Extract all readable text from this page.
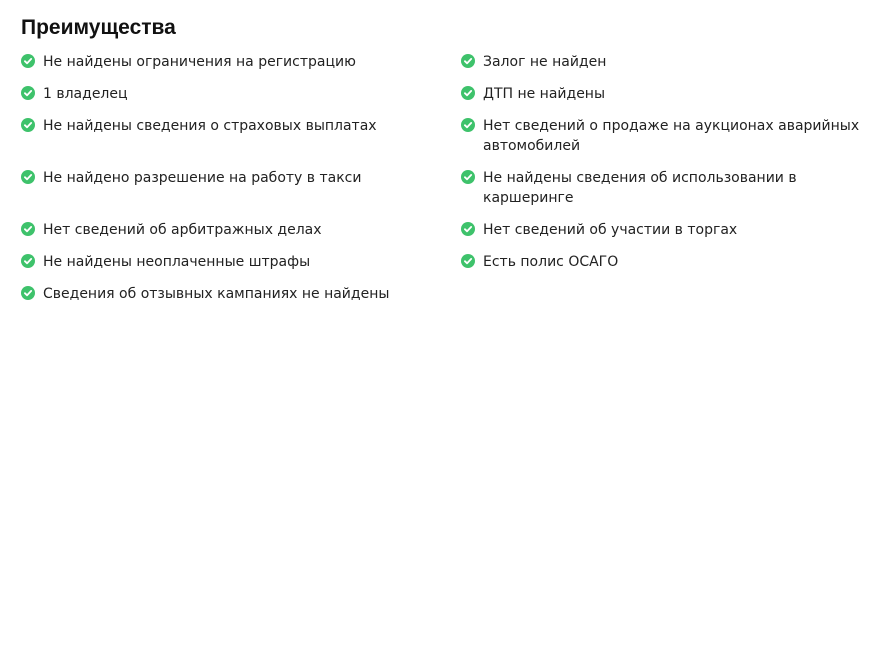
Преимущества
Не найдены ограничения на регистрацию
1 владелец
Не найдены сведения о страховых выплатах
Не найдено разрешение на работу в такси
Нет сведений об арбитражных делах
Не найдены неоплаченные штрафы
Сведения об отзывных кампаниях не найдены
Залог не найден
ДТП не найдены
Нет сведений о продаже на аукционах аварийных автомобилей
Не найдены сведения об использовании в каршеринге
Нет сведений об участии в торгах
Есть полис ОСАГО
